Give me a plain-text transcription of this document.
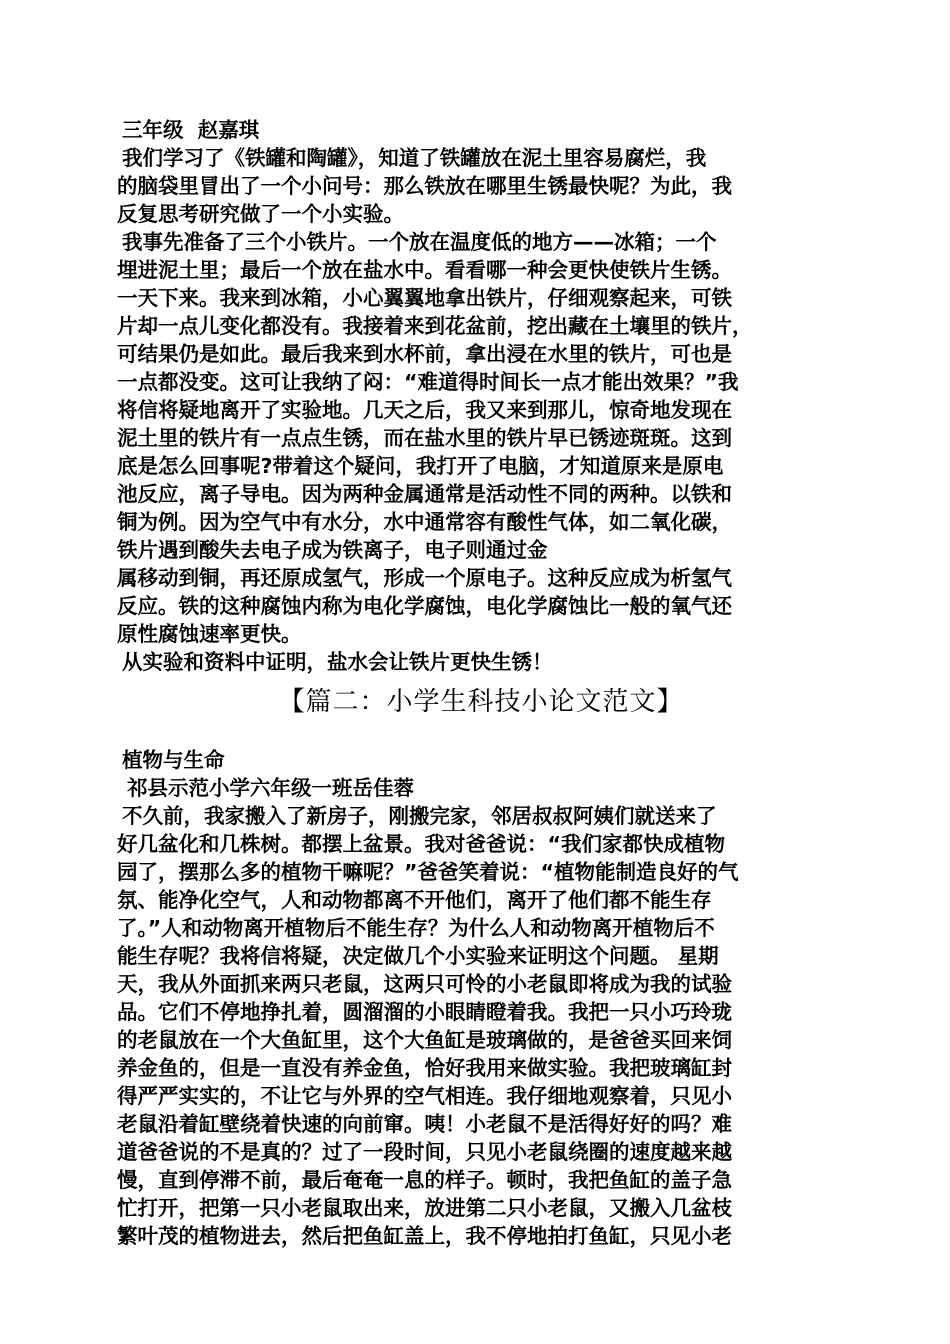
三年级  赵嘉琪
我们学习了《铁罐和陶罐》，知道了铁罐放在泥土里容易腐烂，我
的脑袋里冒出了一个小问号：那么铁放在哪里生锈最快呢？为此，我
反复思考研究做了一个小实验。
我事先准备了三个小铁片。一个放在温度低的地方——冰箱；一个
埋进泥土里；最后一个放在盐水中。看看哪一种会更快使铁片生锈。
一天下来。我来到冰箱，小心翼翼地拿出铁片，仔细观察起来，可铁
片却一点儿变化都没有。我接着来到花盆前，挖出藏在土壤里的铁片，
可结果仍是如此。最后我来到水杯前，拿出浸在水里的铁片，可也是
一点都没变。这可让我纳了闷：“难道得时间长一点才能出效果？”我
将信将疑地离开了实验地。几天之后，我又来到那儿，惊奇地发现在
泥土里的铁片有一点点生锈，而在盐水里的铁片早已锈迹斑斑。这到
底是怎么回事呢?带着这个疑问，我打开了电脑，才知道原来是原电
池反应，离子导电。因为两种金属通常是活动性不同的两种。以铁和
铜为例。因为空气中有水分，水中通常容有酸性气体，如二氧化碳，
铁片遇到酸失去电子成为铁离子，电子则通过金
属移动到铜，再还原成氢气，形成一个原电子。这种反应成为析氢气
反应。铁的这种腐蚀内称为电化学腐蚀，电化学腐蚀比一般的氧气还
原性腐蚀速率更快。
从实验和资料中证明，盐水会让铁片更快生锈！
【篇二：小学生科技小论文范文】
植物与生命
祁县示范小学六年级一班岳佳蓉
不久前，我家搬入了新房子，刚搬完家，邻居叔叔阿姨们就送来了
好几盆化和几株树。都摆上盆景。我对爸爸说：“我们家都快成植物
园了，摆那么多的植物干嘛呢？”爸爸笑着说：“植物能制造良好的气
氛、能净化空气，人和动物都离不开他们，离开了他们都不能生存
了。”人和动物离开植物后不能生存？为什么人和动物离开植物后不
能生存呢？我将信将疑，决定做几个小实验来证明这个问题。 星期
天，我从外面抓来两只老鼠，这两只可怜的小老鼠即将成为我的试验
品。它们不停地挣扎着，圆溜溜的小眼睛瞪着我。我把一只小巧玲珑
的老鼠放在一个大鱼缸里，这个大鱼缸是玻璃做的，是爸爸买回来饲
养金鱼的，但是一直没有养金鱼，恰好我用来做实验。我把玻璃缸封
得严严实实的，不让它与外界的空气相连。我仔细地观察着，只见小
老鼠沿着缸壁绕着快速的向前窜。咦！小老鼠不是活得好好的吗？难
道爸爸说的不是真的？过了一段时间，只见小老鼠绕圈的速度越来越
慢，直到停滞不前，最后奄奄一息的样子。顿时，我把鱼缸的盖子急
忙打开，把第一只小老鼠取出来，放进第二只小老鼠，又搬入几盆枝
繁叶茂的植物进去，然后把鱼缸盖上，我不停地拍打鱼缸，只见小老
